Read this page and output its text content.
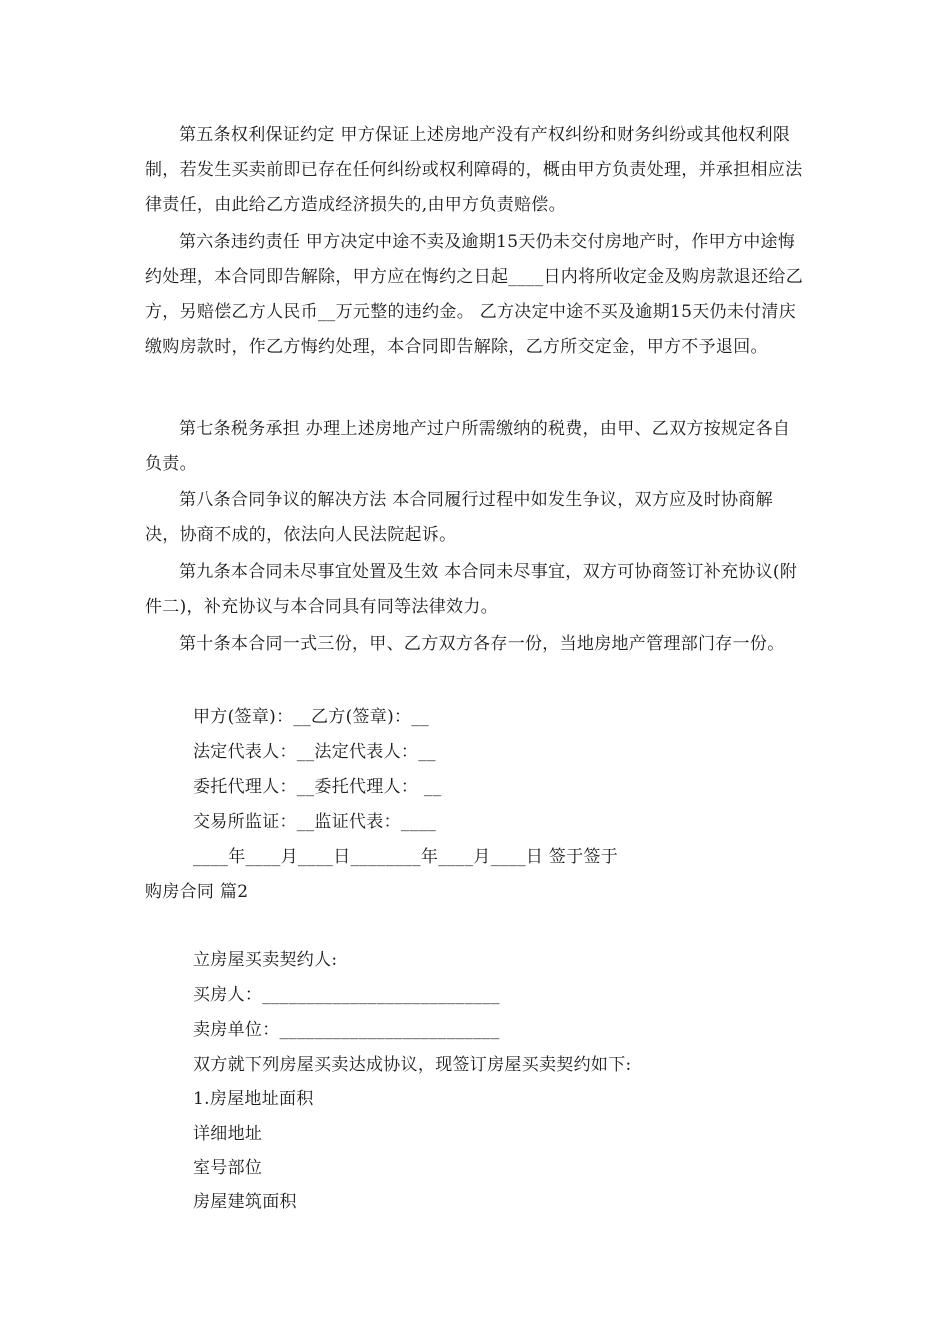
第五条权利保证约定 甲方保证上述房地产没有产权纠纷和财务纠纷或其他权利限制，若发生买卖前即已存在任何纠纷或权利障碍的，概由甲方负责处理，并承担相应法律责任，由此给乙方造成经济损失的,由甲方负责赔偿。

第六条违约责任 甲方决定中途不卖及逾期15天仍未交付房地产时，作甲方中途悔约处理，本合同即告解除，甲方应在悔约之日起____日内将所收定金及购房款退还给乙方，另赔偿乙方人民币__万元整的违约金。 乙方决定中途不买及逾期15天仍未付清庆缴购房款时，作乙方悔约处理，本合同即告解除，乙方所交定金，甲方不予退回。

第七条税务承担 办理上述房地产过户所需缴纳的税费，由甲、乙双方按规定各自负责。

第八条合同争议的解决方法 本合同履行过程中如发生争议，双方应及时协商解决，协商不成的，依法向人民法院起诉。

第九条本合同未尽事宜处置及生效 本合同未尽事宜，双方可协商签订补充协议(附件二)，补充协议与本合同具有同等法律效力。

第十条本合同一式三份，甲、乙方双方各存一份，当地房地产管理部门存一份。

甲方(签章)：__乙方(签章)：__

法定代表人：__法定代表人：__

委托代理人：__委托代理人： __

交易所监证：__监证代表：____

____年____月____日________年____月____日 签于签于

购房合同 篇2

立房屋买卖契约人:

买房人：___________________________

卖房单位：_________________________

双方就下列房屋买卖达成协议，现签订房屋买卖契约如下:

1.房屋地址面积

详细地址

室号部位

房屋建筑面积
